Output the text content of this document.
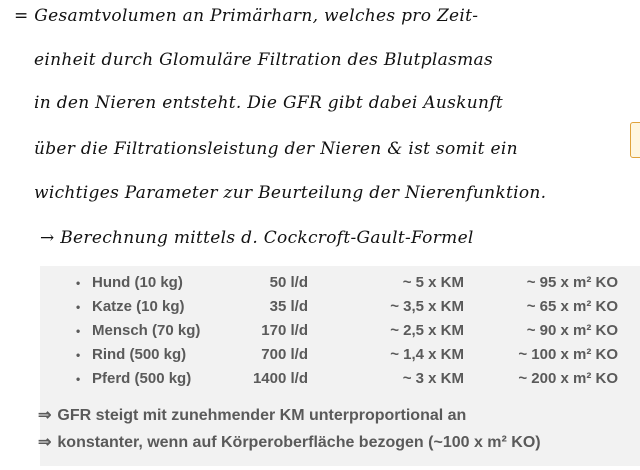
= Gesamtvolumen an Primärharn, welches pro Zeit-
einheit durch Glomuläre Filtration des Blutplasmas
in den Nieren entsteht. Die GFR gibt dabei Auskunft
über die Filtrationsleistung der Nieren & ist somit ein
wichtiges Parameter zur Beurteilung der Nierenfunktion.
→ Berechnung mittels d. Cockcroft-Gault-Formel
• Hund (10 kg)	50 l/d	~ 5 x KM	~ 95 x m² KO
• Katze (10 kg)	35 l/d	~ 3,5 x KM	~ 65 x m² KO
• Mensch (70 kg)	170 l/d	~ 2,5 x KM	~ 90 x m² KO
• Rind (500 kg)	700 l/d	~ 1,4 x KM	~ 100 x m² KO
• Pferd (500 kg)	1400 l/d	~ 3 x KM	~ 200 x m² KO
⇒ GFR steigt mit zunehmender KM unterproportional an
⇒ konstanter, wenn auf Körperoberfläche bezogen (~100 x m² KO)
